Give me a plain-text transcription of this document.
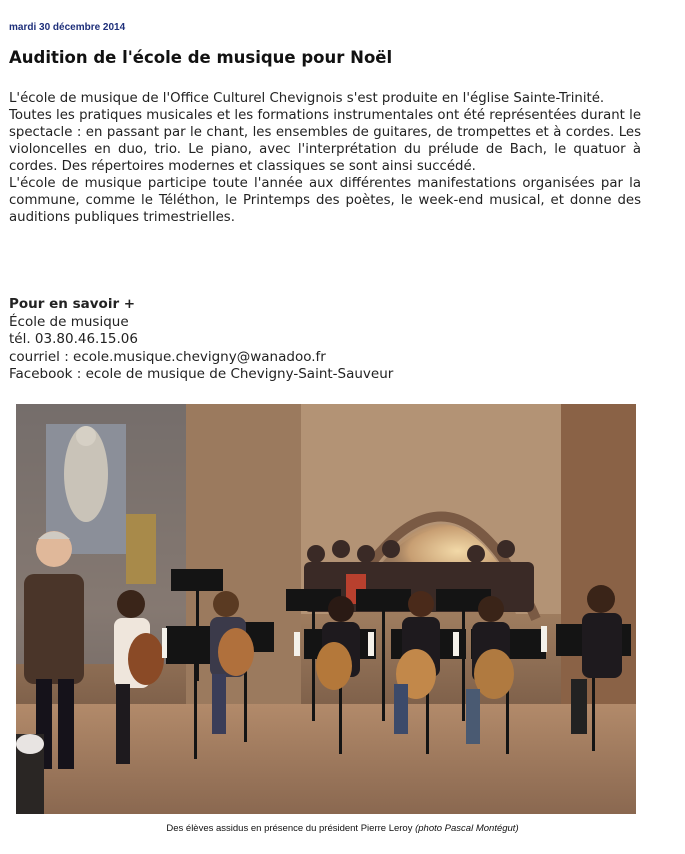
mardi 30 décembre 2014
Audition de l'école de musique pour Noël

L'école de musique de l'Office Culturel Chevignois s'est produite en l'église Sainte-Trinité.

Toutes les pratiques musicales et les formations instrumentales ont été représentées durant le spectacle : en passant par le chant, les ensembles de guitares, de trompettes et à cordes. Les violoncelles en duo, trio. Le piano, avec l'interprétation du prélude de Bach, le quatuor à cordes. Des répertoires modernes et classiques se sont ainsi succédé.

L'école de musique participe toute l'année aux différentes manifestations organisées par la commune, comme le Téléthon, le Printemps des poètes, le week-end musical, et donne des auditions publiques trimestrielles.

Pour en savoir +
École de musique
tél. 03.80.46.15.06
courriel : ecole.musique.chevigny@wanadoo.fr
Facebook : ecole de musique de Chevigny-Saint-Sauveur
Des élèves assidus en présence du président Pierre Leroy (photo Pascal Montégut)
